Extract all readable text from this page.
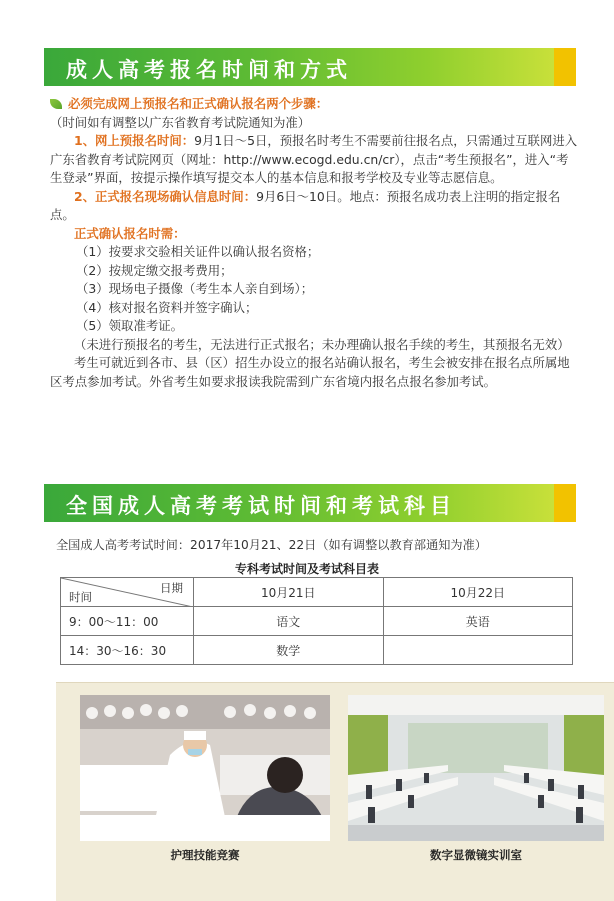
成人高考报名时间和方式

必须完成网上预报名和正式确认报名两个步骤：（时间如有调整以广东省教育考试院通知为准）

1、网上预报名时间：9月1日～5日，预报名时考生不需要前往报名点，只需通过互联网进入广东省教育考试院网页（网址：http://www.ecogd.edu.cn/cr），点击“考生预报名”，进入“考生登录”界面，按提示操作填写提交本人的基本信息和报考学校及专业等志愿信息。

2、正式报名现场确认信息时间：9月6日～10日。地点：预报名成功表上注明的指定报名点。

正式确认报名时需：

（1）按要求交验相关证件以确认报名资格；

（2）按规定缴交报考费用；

（3）现场电子摄像（考生本人亲自到场）；

（4）核对报名资料并签字确认；

（5）领取准考证。

（未进行预报名的考生，无法进行正式报名；未办理确认报名手续的考生，其预报名无效）

考生可就近到各市、县（区）招生办设立的报名站确认报名，考生会被安排在报名点所属地区考点参加考试。外省考生如要求报读我院需到广东省境内报名点报名参加考试。

全国成人高考考试时间和考试科目
全国成人高考考试时间：2017年10月21、22日（如有调整以教育部通知为准）
专科考试时间及考试科目表
日期
时间	10月21日	10月22日
9：00～11：00	语文	英语
14：30～16：30	数学	
护理技能竞赛	数字显微镜实训室
